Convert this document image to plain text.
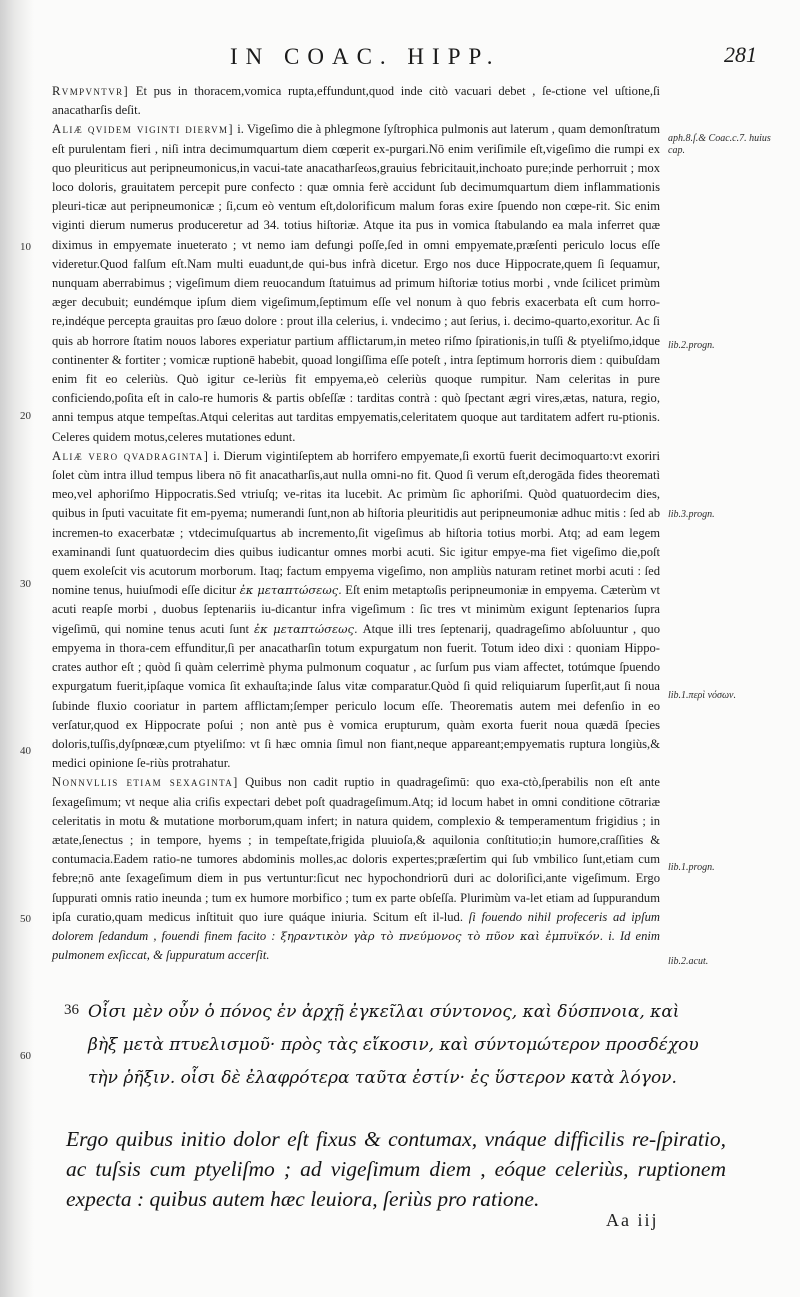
IN COAC. HIPP.	281
10
20
30
40
50
60
aph.8.ſ.& Coac.c.7. huius cap.
lib.2.progn.
lib.3.progn.
lib.1.περὶ νόσων.
lib.1.progn.
lib.2.acut.

Rvmpvntvr] Et pus in thoracem,vomica rupta,effundunt,quod inde citò vacuari debet , ſe-ctione vel uſtione,ſi anacatharſis deſit.

Aliæ qvidem viginti diervm] i. Vigeſimo die à phlegmone ſyſtrophica pulmonis aut laterum , quam demonſtratum eſt purulentam fieri , niſi intra decimumquartum diem cœperit ex-purgari.Nō enim veriſimile eſt,vigeſimo die rumpi ex quo pleuriticus aut peripneumonicus,in vacui-tate anacatharſeωs,grauius febricitauit,inchoato pure;inde perhorruit ; mox loco doloris, grauitatem percepit pure confecto : quæ omnia ferè accidunt ſub decimumquartum diem inflammationis pleuri-ticæ aut peripneumonicæ ; ſi,cum eò ventum eſt,dolorificum malum foras exire ſpuendo non cœpe-rit. Sic enim viginti dierum numerus produceretur ad 34. totius hiſtoriæ. Atque ita pus in vomica ſtabulando ea mala inferret quæ diximus in empyemate inueterato ; vt nemo iam defungi poſſe,ſed in omni empyemate,præſenti periculo locus eſſe videretur.Quod falſum eſt.Nam multi euadunt,de qui-bus infrà dicetur. Ergo nos duce Hippocrate,quem ſi ſequamur, nunquam aberrabimus ; vigeſimum diem reuocandum ſtatuimus ad primum hiſtoriæ totius morbi , vnde ſcilicet primùm æger decubuit; eundémque ipſum diem vigeſimum,ſeptimum eſſe vel nonum à quo febris exacerbata eſt cum horro-re,indéque percepta grauitas pro ſæuo dolore : prout illa celerius, i. vndecimo ; aut ſerius, i. decimo-quarto,exoritur. Ac ſi quis ab horrore ſtatim nouos labores experiatur partium afflictarum,in meteo riſmo ſpirationis,in tuſſi & ptyeliſmo,idque continenter & fortiter ; vomicæ ruptionē habebit, quoad longiſſima eſſe poteſt , intra ſeptimum horroris diem : quibuſdam enim fit eo celeriùs. Quò igitur ce-leriùs fit empyema,eò celeriùs quoque rumpitur. Nam celeritas in pure conficiendo,poſita eſt in calo-re humoris & partis obſeſſæ : tarditas contrà : quò ſpectant ægri vires,ætas, natura, regio, anni tempus atque tempeſtas.Atqui celeritas aut tarditas empyematis,celeritatem quoque aut tarditatem adfert ru-ptionis. Celeres quidem motus,celeres mutationes edunt.

Aliæ vero qvadraginta] i. Dierum vigintiſeptem ab horrifero empyemate,ſi exortū fuerit decimoquarto:vt exoriri ſolet cùm intra illud tempus libera nō fit anacatharſis,aut nulla omni-no fit. Quod ſi verum eſt,derogāda fides theorematì meo,vel aphoriſmo Hippocratis.Sed vtriuſq; ve-ritas ita lucebit. Ac primùm ſic aphoriſmi. Quòd quatuordecim dies, quibus in ſputi vacuitate fit em-pyema; numerandi ſunt,non ab hiſtoria pleuritidis aut peripneumoniæ adhuc mitis : ſed ab incremen-to exacerbatæ ; vtdecimuſquartus ab incremento,ſit vigeſimus ab hiſtoria totius morbi. Atq; ad eam legem examinandi ſunt quatuordecim dies quibus iudicantur omnes morbi acuti. Sic igitur empye-ma fiet vigeſimo die,poſt quem exoleſcit vis acutorum morborum. Itaq; factum empyema vigeſimo, non ampliùs naturam retinet morbi acuti : ſed nomine tenus, huiuſmodi eſſe dicitur ἐκ μεταπτώσεως. Eſt enim metaptωſis peripneumoniæ in empyema. Cæterùm vt acuti reapſe morbi , duobus ſeptenariis iu-dicantur infra vigeſimum : ſic tres vt minimùm exigunt ſeptenarios ſupra vigeſimū, qui nomine tenus acuti ſunt ἐκ μεταπτώσεως. Atque illi tres ſeptenarij, quadrageſimo abſoluuntur , quo empyema in thora-cem effunditur,ſi per anacatharſin totum expurgatum non fuerit. Totum ideo dixi : quoniam Hippo-crates author eſt ; quòd ſi quàm celerrimè phyma pulmonum coquatur , ac ſurſum pus viam affectet, totúmque ſpuendo expurgatum fuerit,ipſaque vomica ſit exhauſta;inde ſalus vitæ comparatur.Quòd ſi quid reliquiarum ſuperſit,aut ſi noua ſubinde fluxio cooriatur in partem afflictam;ſemper periculo locum eſſe. Theorematis autem mei defenſio in eo verſatur,quod ex Hippocrate poſui ; non antè pus è vomica erupturum, quàm exorta fuerit noua quædā ſpecies doloris,tuſſis,dyſpnœæ,cum ptyeliſmo: vt ſi hæc omnia ſimul non fiant,neque appareant;empyematis ruptura longiùs,& medici opinione ſe-riùs protrahatur.

Nonnvllis etiam sexaginta] Quibus non cadit ruptio in quadrageſimū: quo exa-ctò,ſperabilis non eſt ante ſexageſimum; vt neque alia criſis expectari debet poſt quadrageſimum.Atq; id locum habet in omni conditione cōtrariæ celeritatis in motu & mutatione morborum,quam infert; in natura quidem, complexio & temperamentum frigidius ; in ætate,ſenectus ; in tempore, hyems ; in tempeſtate,frigida pluuioſa,& aquilonia conſtitutio;in humore,craſſities & contumacia.Eadem ratio-ne tumores abdominis molles,ac doloris expertes;præſertim qui ſub vmbilico ſunt,etiam cum febre;nō ante ſexageſimum diem in pus vertuntur:ſicut nec hypochondriorū duri ac doloriſici,ante vigeſimum. Ergo ſuppurati omnis ratio ineunda ; tum ex humore morbifico ; tum ex parte obſeſſa. Plurimùm va-let etiam ad ſuppurandum ipſa curatio,quam medicus inſtituit quo iure quáque iniuria. Scitum eſt il-lud. ſi fouendo nihil profeceris ad ipſum dolorem ſedandum , fouendi finem facito : ξηραντικὸν γὰρ τὸ πνεύμονος τὸ πῦον καὶ ἐμπυϊκόν. i. Id enim pulmonem exſiccat, & ſuppuratum accerſit.

36 Οἷσι μὲν οὖν ὁ πόνος ἐν ἀρχῇ ἐγκεῖλαι σύντονος, καὶ δύσπνοια, καὶ βὴξ μετὰ πτυελισμοῦ· πρὸς τὰς εἴκοσιν, καὶ σύντομώτερον προσδέχου τὴν ῥῆξιν. οἷσι δὲ ἐλαφρότερα ταῦτα ἐστίν· ἐς ὕστερον κατὰ λόγον.
Ergo quibus initio dolor eſt fixus & contumax, vnáque difficilis re-ſpiratio, ac tuſsis cum ptyeliſmo ; ad vigeſimum diem , eóque celeriùs, ruptionem expecta : quibus autem hæc leuiora, ſeriùs pro ratione.
Aa iij
